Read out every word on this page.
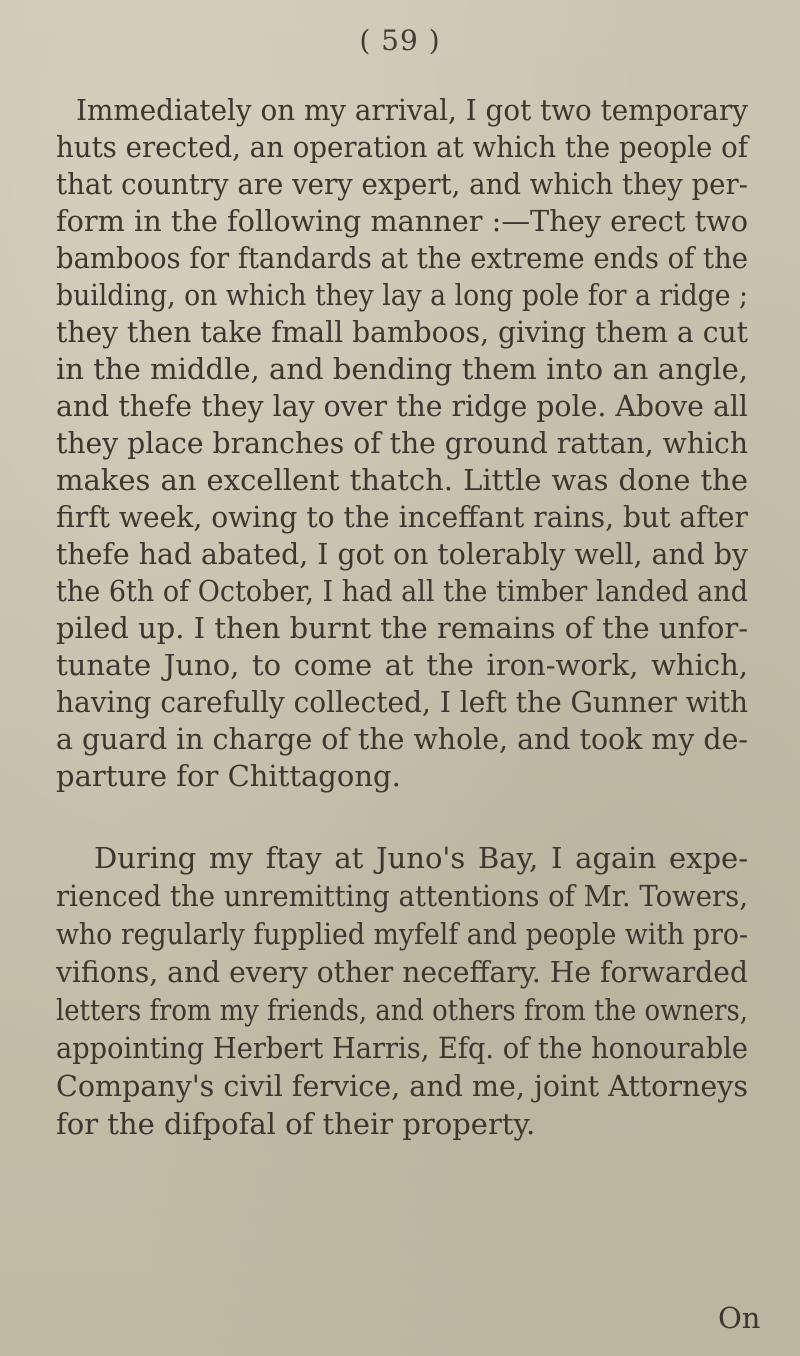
( 59 )
Immediately on my arrival, I got two temporary
huts erected, an operation at which the people of
that country are very expert, and which they per-
form in the following manner :—They erect two
bamboos for ftandards at the extreme ends of the
building, on which they lay a long pole for a ridge ;
they then take fmall bamboos, giving them a cut
in the middle, and bending them into an angle,
and thefe they lay over the ridge pole. Above all
they place branches of the ground rattan, which
makes an excellent thatch. Little was done the
firft week, owing to the inceffant rains, but after
thefe had abated, I got on tolerably well, and by
the 6th of October, I had all the timber landed and
piled up. I then burnt the remains of the unfor-
tunate Juno, to come at the iron-work, which,
having carefully collected, I left the Gunner with
a guard in charge of the whole, and took my de-
parture for Chittagong.
During my ftay at Juno's Bay, I again expe-
rienced the unremitting attentions of Mr. Towers,
who regularly fupplied myfelf and people with pro-
vifions, and every other neceffary. He forwarded
letters from my friends, and others from the owners,
appointing Herbert Harris, Efq. of the honourable
Company's civil fervice, and me, joint Attorneys
for the difpofal of their property.
On
